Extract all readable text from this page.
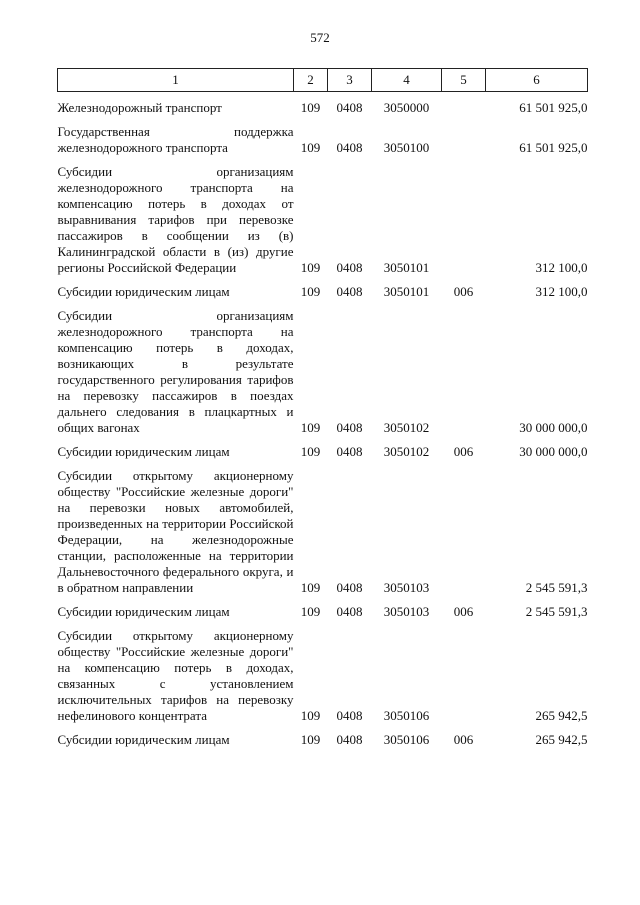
572
1	2	3	4	5	6
Железнодорожный транспорт	109	0408	3050000		61 501 925,0
Государственная поддержка железнодорожного транспорта	109	0408	3050100		61 501 925,0
Субсидии организациям железнодорожного транспорта на компенсацию потерь в доходах от выравнивания тарифов при перевозке пассажиров в сообщении из (в) Калининградской области в (из) другие регионы Российской Федерации	109	0408	3050101		312 100,0
Субсидии юридическим лицам	109	0408	3050101	006	312 100,0
Субсидии организациям железнодорожного транспорта на компенсацию потерь в доходах, возникающих в результате государственного регулирования тарифов на перевозку пассажиров в поездах дальнего следования в плацкартных и общих вагонах	109	0408	3050102		30 000 000,0
Субсидии юридическим лицам	109	0408	3050102	006	30 000 000,0
Субсидии открытому акционерному обществу "Российские железные дороги" на перевозки новых автомобилей, произведенных на территории Российской Федерации, на железнодорожные станции, расположенные на территории Дальневосточного федерального округа, и в обратном направлении	109	0408	3050103		2 545 591,3
Субсидии юридическим лицам	109	0408	3050103	006	2 545 591,3
Субсидии открытому акционерному обществу "Российские железные дороги" на компенсацию потерь в доходах, связанных с установлением исключительных тарифов на перевозку нефелинового концентрата	109	0408	3050106		265 942,5
Субсидии юридическим лицам	109	0408	3050106	006	265 942,5
